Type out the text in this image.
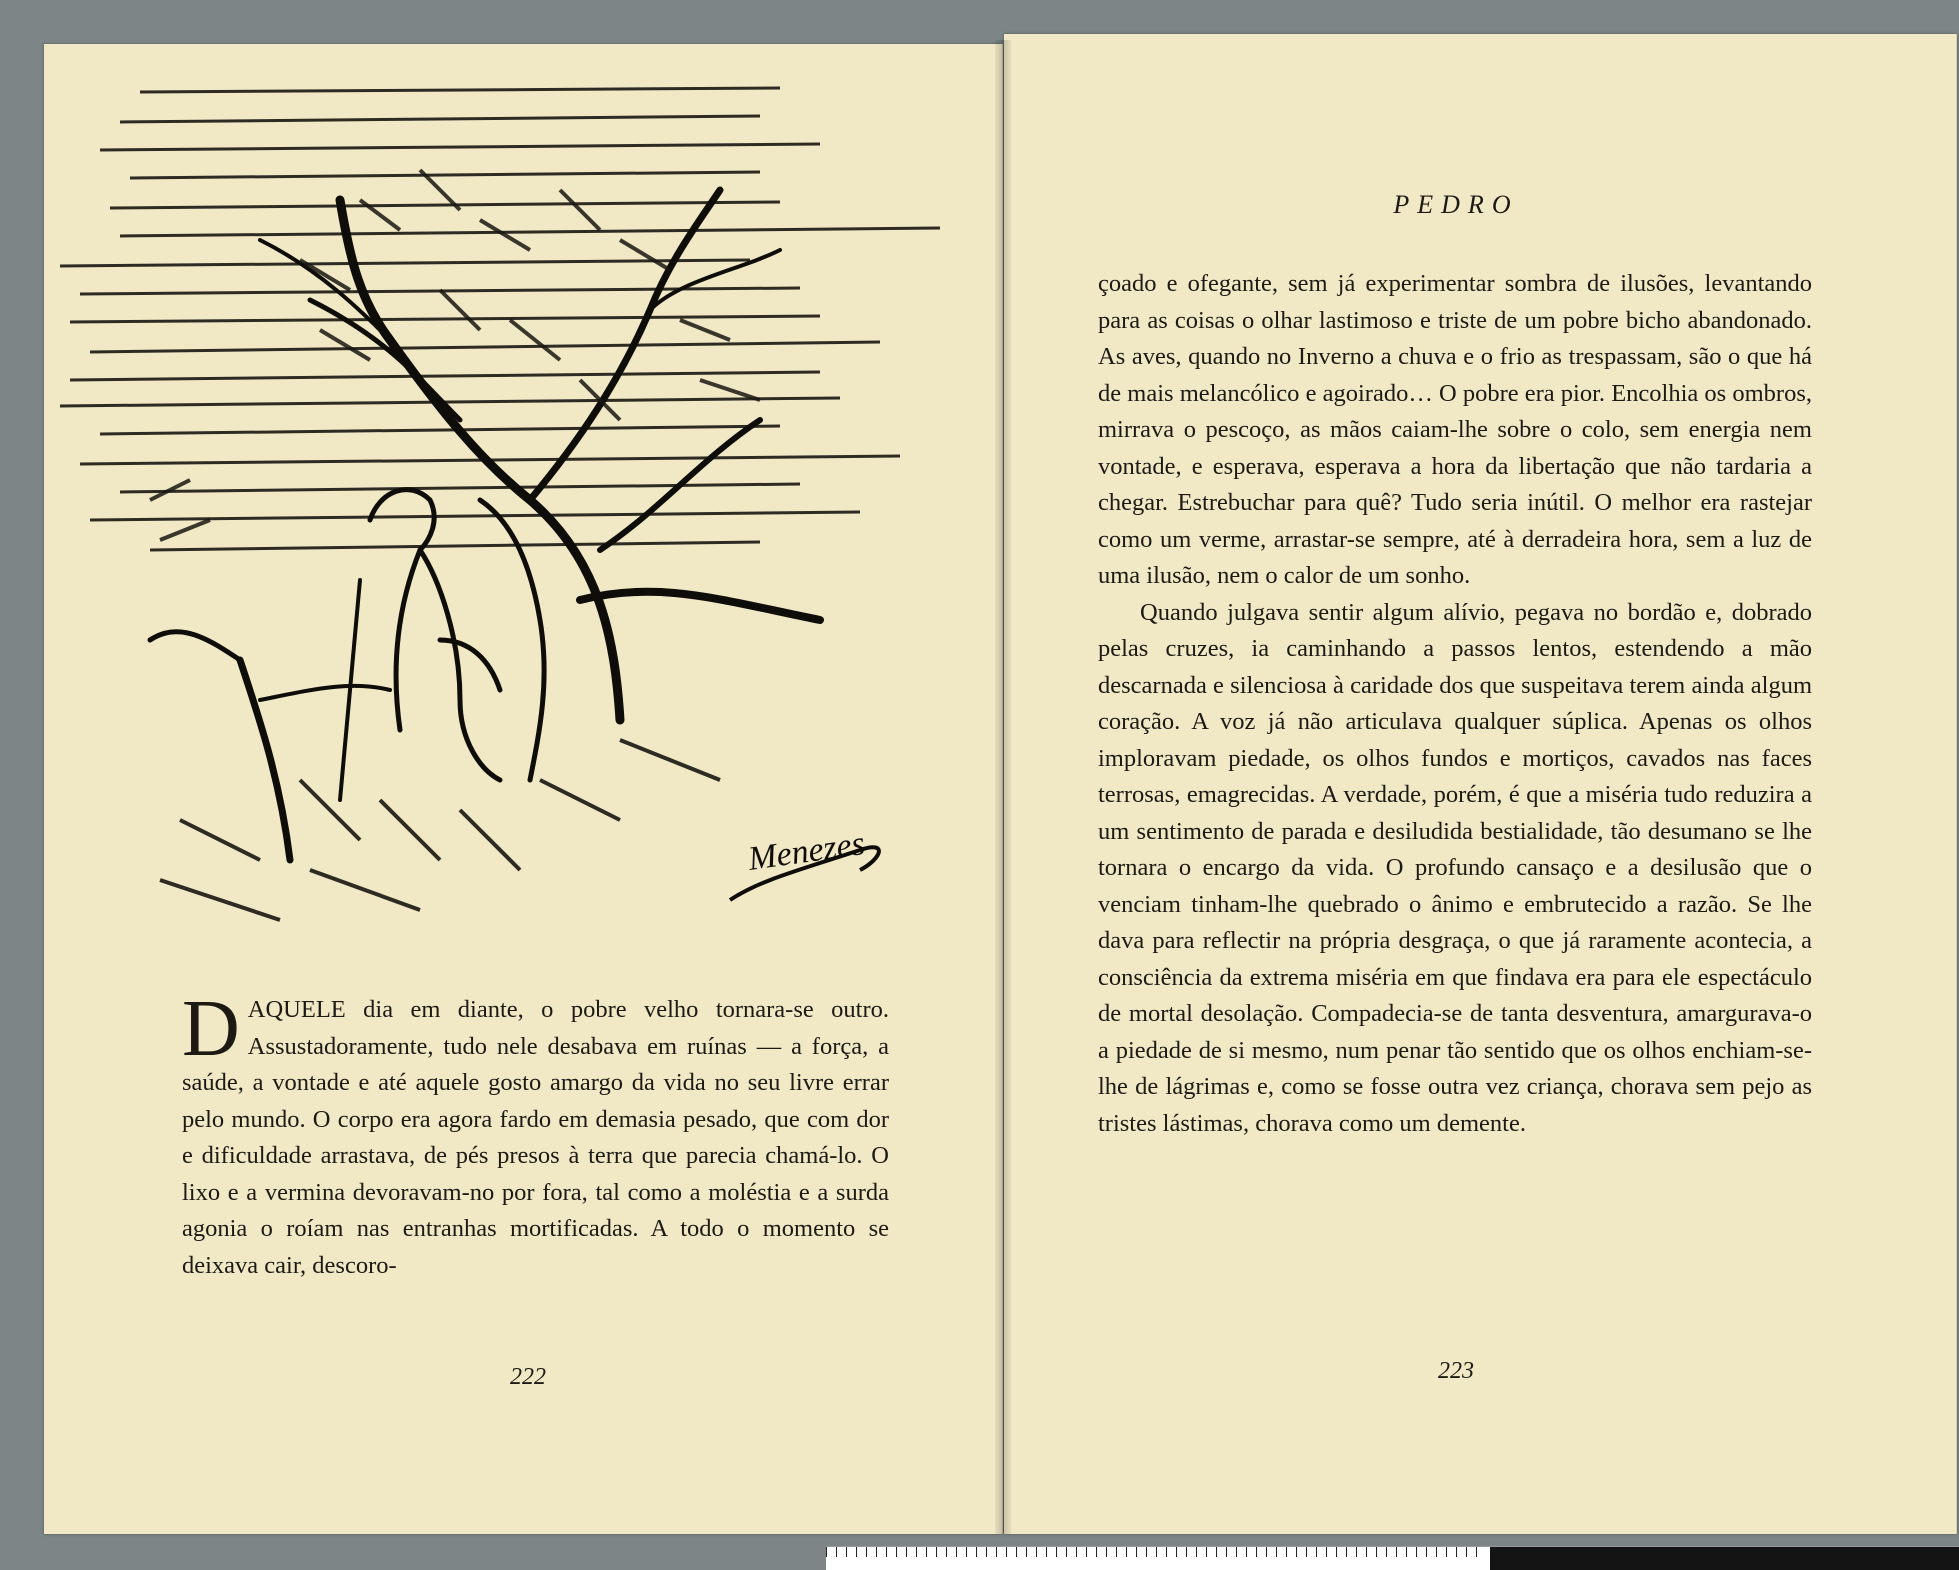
Menezes

DAQUELE dia em diante, o pobre velho tornara-se outro. Assustadoramente, tudo nele desabava em ruínas — a força, a saúde, a vontade e até aquele gosto amargo da vida no seu livre errar pelo mundo. O corpo era agora fardo em demasia pesado, que com dor e dificuldade arrastava, de pés presos à terra que parecia chamá-lo. O lixo e a vermina devoravam-no por fora, tal como a moléstia e a surda agonia o roíam nas entranhas mortificadas. A todo o momento se deixava cair, descoro-

222
PEDRO

çoado e ofegante, sem já experimentar sombra de ilusões, levantando para as coisas o olhar lastimoso e triste de um pobre bicho abandonado. As aves, quando no Inverno a chuva e o frio as trespassam, são o que há de mais melancólico e agoirado… O pobre era pior. Encolhia os ombros, mirrava o pescoço, as mãos caiam-lhe sobre o colo, sem energia nem vontade, e esperava, esperava a hora da libertação que não tardaria a chegar. Estrebuchar para quê? Tudo seria inútil. O melhor era rastejar como um verme, arrastar-se sempre, até à derradeira hora, sem a luz de uma ilusão, nem o calor de um sonho.

Quando julgava sentir algum alívio, pegava no bordão e, dobrado pelas cruzes, ia caminhando a passos lentos, estendendo a mão descarnada e silenciosa à caridade dos que suspeitava terem ainda algum coração. A voz já não articulava qualquer súplica. Apenas os olhos imploravam piedade, os olhos fundos e mortiços, cavados nas faces terrosas, emagrecidas. A verdade, porém, é que a miséria tudo reduzira a um sentimento de parada e desiludida bestialidade, tão desumano se lhe tornara o encargo da vida. O profundo cansaço e a desilusão que o venciam tinham-lhe quebrado o ânimo e embrutecido a razão. Se lhe dava para reflectir na própria desgraça, o que já raramente acontecia, a consciência da extrema miséria em que findava era para ele espectáculo de mortal desolação. Compadecia-se de tanta desventura, amargurava-o a piedade de si mesmo, num penar tão sentido que os olhos enchiam-se-lhe de lágrimas e, como se fosse outra vez criança, chorava sem pejo as tristes lástimas, chorava como um demente.

223
